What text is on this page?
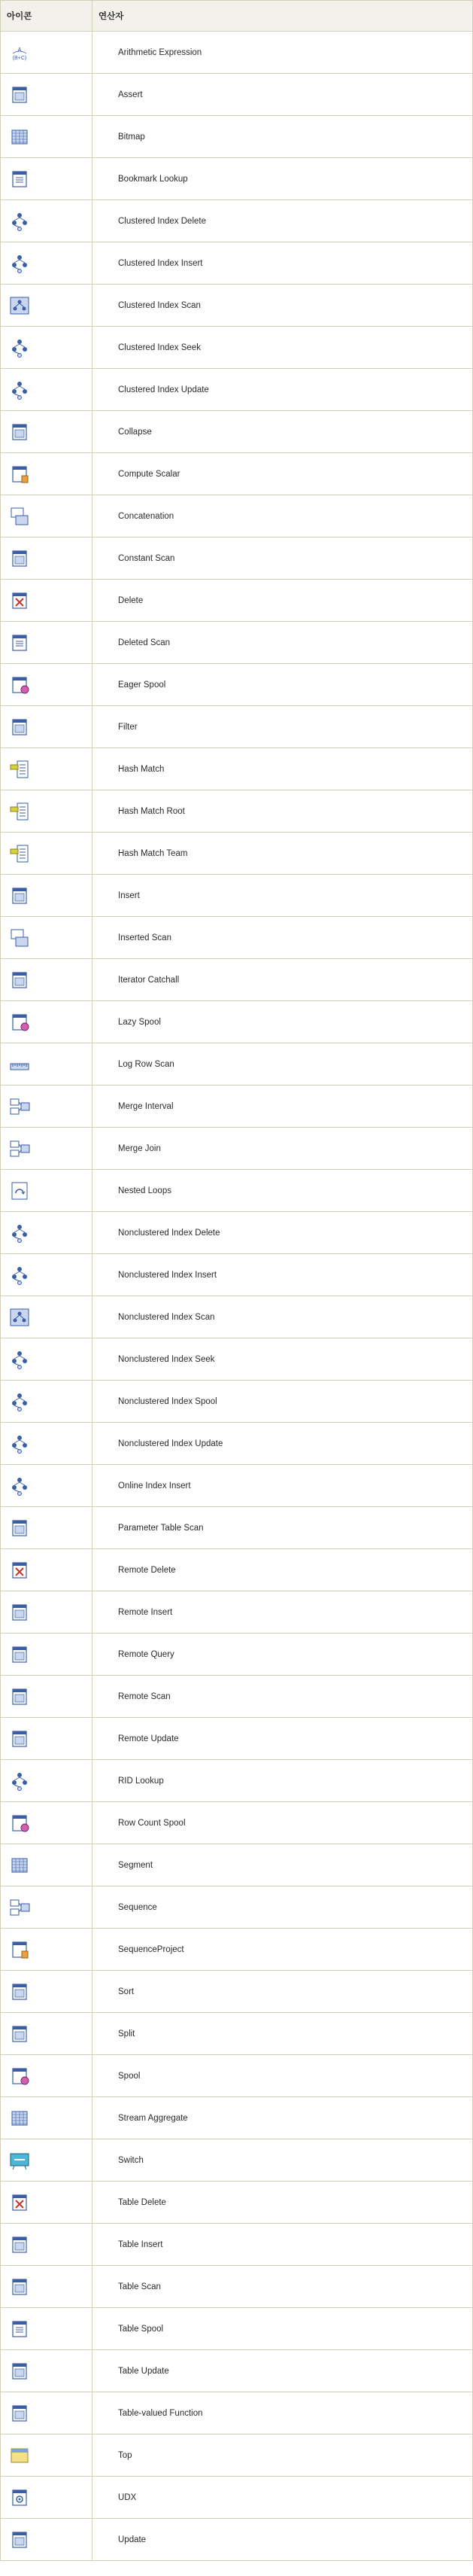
아이콘	연산자

A
(B+C)	Arithmetic Expression

	Assert

	Bitmap

	Bookmark Lookup

	Clustered Index Delete

	Clustered Index Insert

	Clustered Index Scan

	Clustered Index Seek

	Clustered Index Update

	Collapse

	Compute Scalar

	Concatenation

	Constant Scan

	Delete

	Deleted Scan

	Eager Spool

	Filter

	Hash Match

	Hash Match Root

	Hash Match Team

	Insert

	Inserted Scan

	Iterator Catchall

	Lazy Spool

	Log Row Scan

	Merge Interval

	Merge Join

	Nested Loops

	Nonclustered Index Delete

	Nonclustered Index Insert

	Nonclustered Index Scan

	Nonclustered Index Seek

	Nonclustered Index Spool

	Nonclustered Index Update

	Online Index Insert

	Parameter Table Scan

	Remote Delete

	Remote Insert

	Remote Query

	Remote Scan

	Remote Update

	RID Lookup

	Row Count Spool

	Segment

	Sequence

	SequenceProject

	Sort

	Split

	Spool

	Stream Aggregate

	Switch

	Table Delete

	Table Insert

	Table Scan

	Table Spool

	Table Update

	Table-valued Function

	Top

	UDX

	Update
